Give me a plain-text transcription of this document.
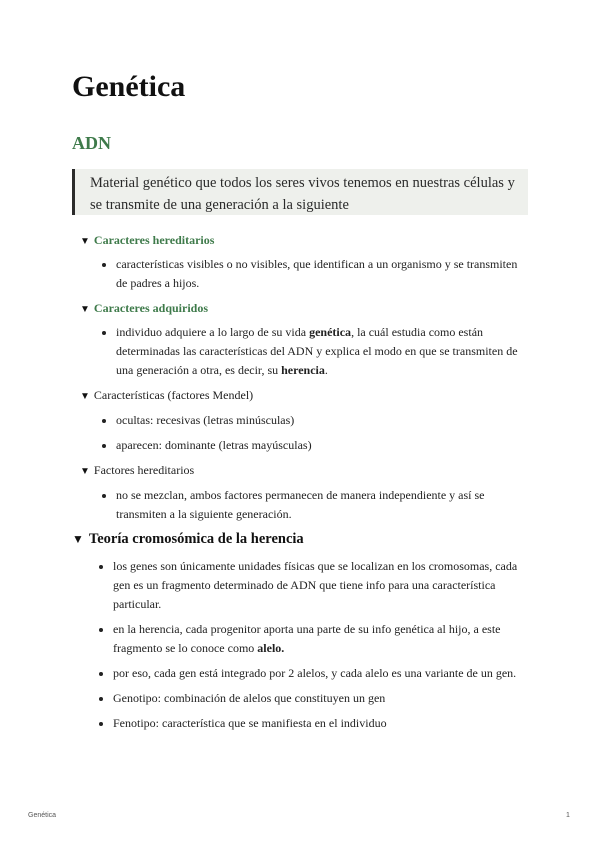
Genética
ADN
Material genético que todos los seres vivos tenemos en nuestras células y se transmite de una generación a la siguiente
▼ Caracteres hereditarios
características visibles o no visibles, que identifican a un organismo y se transmiten de padres a hijos.
▼ Caracteres adquiridos
individuo adquiere a lo largo de su vida genética, la cuál estudia como están determinadas las características del ADN y explica el modo en que se transmiten de una generación a otra, es decir, su herencia.
▼ Características (factores Mendel)
ocultas: recesivas (letras minúsculas)
aparecen: dominante (letras mayúsculas)
▼ Factores hereditarios
no se mezclan, ambos factores permanecen de manera independiente y así se transmiten a la siguiente generación.
▼ Teoría cromosómica de la herencia
los genes son únicamente unidades físicas que se localizan en los cromosomas, cada gen es un fragmento determinado de ADN que tiene info para una característica particular.
en la herencia, cada progenitor aporta una parte de su info genética al hijo, a este fragmento se lo conoce como alelo.
por eso, cada gen está integrado por 2 alelos, y cada alelo es una variante de un gen.
Genotipo: combinación de alelos que constituyen un gen
Fenotipo: característica que se manifiesta en el individuo
Genética	1
